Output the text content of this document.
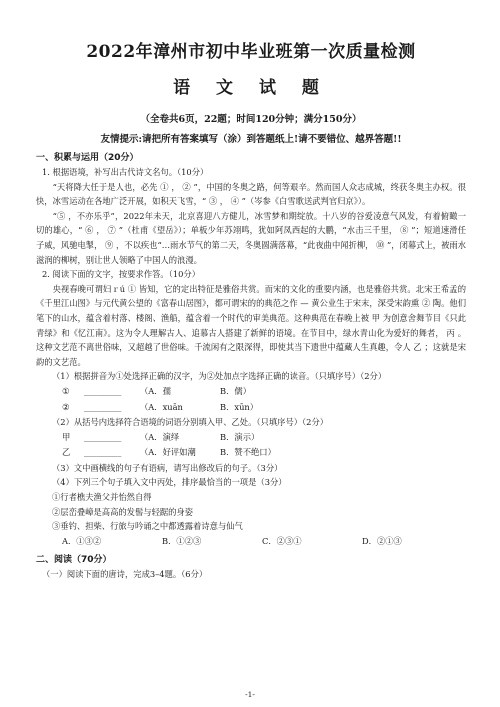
2022年漳州市初中毕业班第一次质量检测
语 文 试 题

（全卷共6页，22题；时间120分钟；满分150分）

友情提示:请把所有答案填写（涂）到答题纸上!请不要错位、越界答题!!

一、积累与运用（20分）

1. 根据语境，补写出古代诗文名句。（10分）

“天将降大任于是人也，必先 ① ， ② ”，中国的冬奥之路，何等艰辛。然而国人众志成城，终获冬奥主办权。很快，冰雪运动在各地广泛开展，如积天飞雪，“ ③ ， ④ ”（岑参《白雪歌送武判官归京》）。

“⑤ ，不亦乐乎”，2022年未天，北京喜迎八方健儿，冰雪梦和期绽放。十八岁的谷爱凌意气风发，有着俯瞰一切的雄心，“ ⑥ ， ⑦ ”（杜甫《望岳》）；单板少年苏翊鸣，犹如阿凤西起的大鹏，“水击三千里， ⑧ ”；短道速滑任子威，风驰电掣， ⑨ ，不以疾也“…雨水节气的第二天，冬奥圆满落幕，“此夜曲中闻折柳， ⑩ ”，闭幕式上，被雨水滋润的柳树，别让世人领略了中国人的浪漫。

2. 阅读下面的文字，按要求作答。（10分）

央视春晚可谓妇ｒú ① 皆知，它的定出特征是雅俗共赏。而宋的文化的重要内涵，也是雅俗共赏。北宋王希孟的《千里江山图》与元代黄公望的《富春山居图》，都可谓宋的的典范之作 — 黄公业生于宋末，深受宋韵熏 ② 陶。他们笔下的山水，蕴含着村落、楼阁、渔船，蕴含着一个时代的审美典范。这种典范在春晚上被 甲 为创意舍舞节目《只此青绿》和《忆江南》。这为令人理解古人、追慕古人搭建了新鲜的语境。在节目中，绿水青山化为爱好的舞者， 丙 。这种文艺范不离世俗味，又超越了世俗味。千流闲有之限深得，即使其当下遗世中蕴藏人生真趣，令人 乙 ；这就是宋韵的文艺范。

（1）根据拼音为①处选择正确的汉字，为②处加点字选择正确的读音。（只填序号）（2分）

①	_________	（A．孺	B．儒）
②	_________	（A．xuān	B．xūn）

（2）从括号内选择符合语境的词语分别填入甲、乙处。（只填序号）（2分）

甲	_________	（A．演绎	B．演示）
乙	_________	（A．好评如潮	B．赞不绝口）

（3）文中画横线的句子有语病，请写出修改后的句子。（3分）

（4）下列三个句子填入文中丙处，排序最恰当的一项是（3分）

①行者樵夫渔父并怡然自得

②层峦叠嶂是高高的发髻与轻踞的身姿

③垂钓、担柴、行旅与吟诵之中都透露着诗意与仙气

A．①③②	B．①②③	C．②③①	D．②①③

二、阅读（70分）

（一）阅读下面的唐诗，完成3–4题。（6分）

-1-
